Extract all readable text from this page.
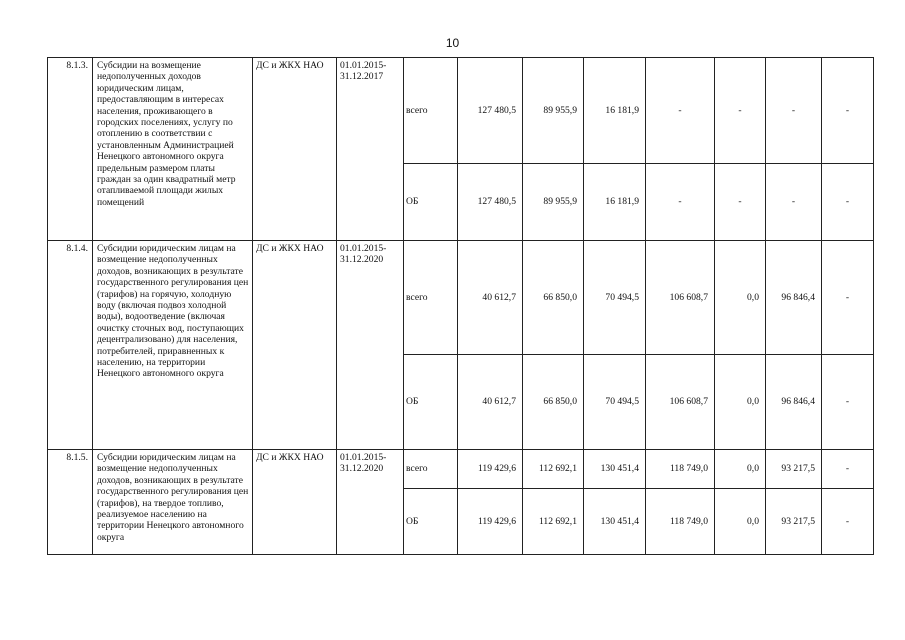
10
8.1.3.	Субсидии на возмещение недополученных доходов юридическим лицам, предоставляющим в интересах населения, проживающего в городских поселениях, услугу по отоплению в соответствии с установленным Администрацией Ненецкого автономного округа предельным размером платы граждан за один квадратный метр отапливаемой площади жилых помещений	ДС и ЖКХ НАО	01.01.2015-31.12.2017	всего	127 480,5	89 955,9	16 181,9	-	-	-	-
				ОБ	127 480,5	89 955,9	16 181,9	-	-	-	-
8.1.4.	Субсидии юридическим лицам на возмещение недополученных доходов, возникающих в результате государственного регулирования цен (тарифов) на горячую, холодную воду (включая подвоз холодной воды), водоотведение (включая очистку сточных вод, поступающих децентрализовано) для населения, потребителей, приравненных к населению, на территории Ненецкого автономного округа	ДС и ЖКХ НАО	01.01.2015-31.12.2020	всего	40 612,7	66 850,0	70 494,5	106 608,7	0,0	96 846,4	-
				ОБ	40 612,7	66 850,0	70 494,5	106 608,7	0,0	96 846,4	-
8.1.5.	Субсидии юридическим лицам на возмещение недополученных доходов, возникающих в результате государственного регулирования цен (тарифов), на твердое топливо, реализуемое населению на территории Ненецкого автономного округа	ДС и ЖКХ НАО	01.01.2015-31.12.2020	всего	119 429,6	112 692,1	130 451,4	118 749,0	0,0	93 217,5	-
				ОБ	119 429,6	112 692,1	130 451,4	118 749,0	0,0	93 217,5	-
